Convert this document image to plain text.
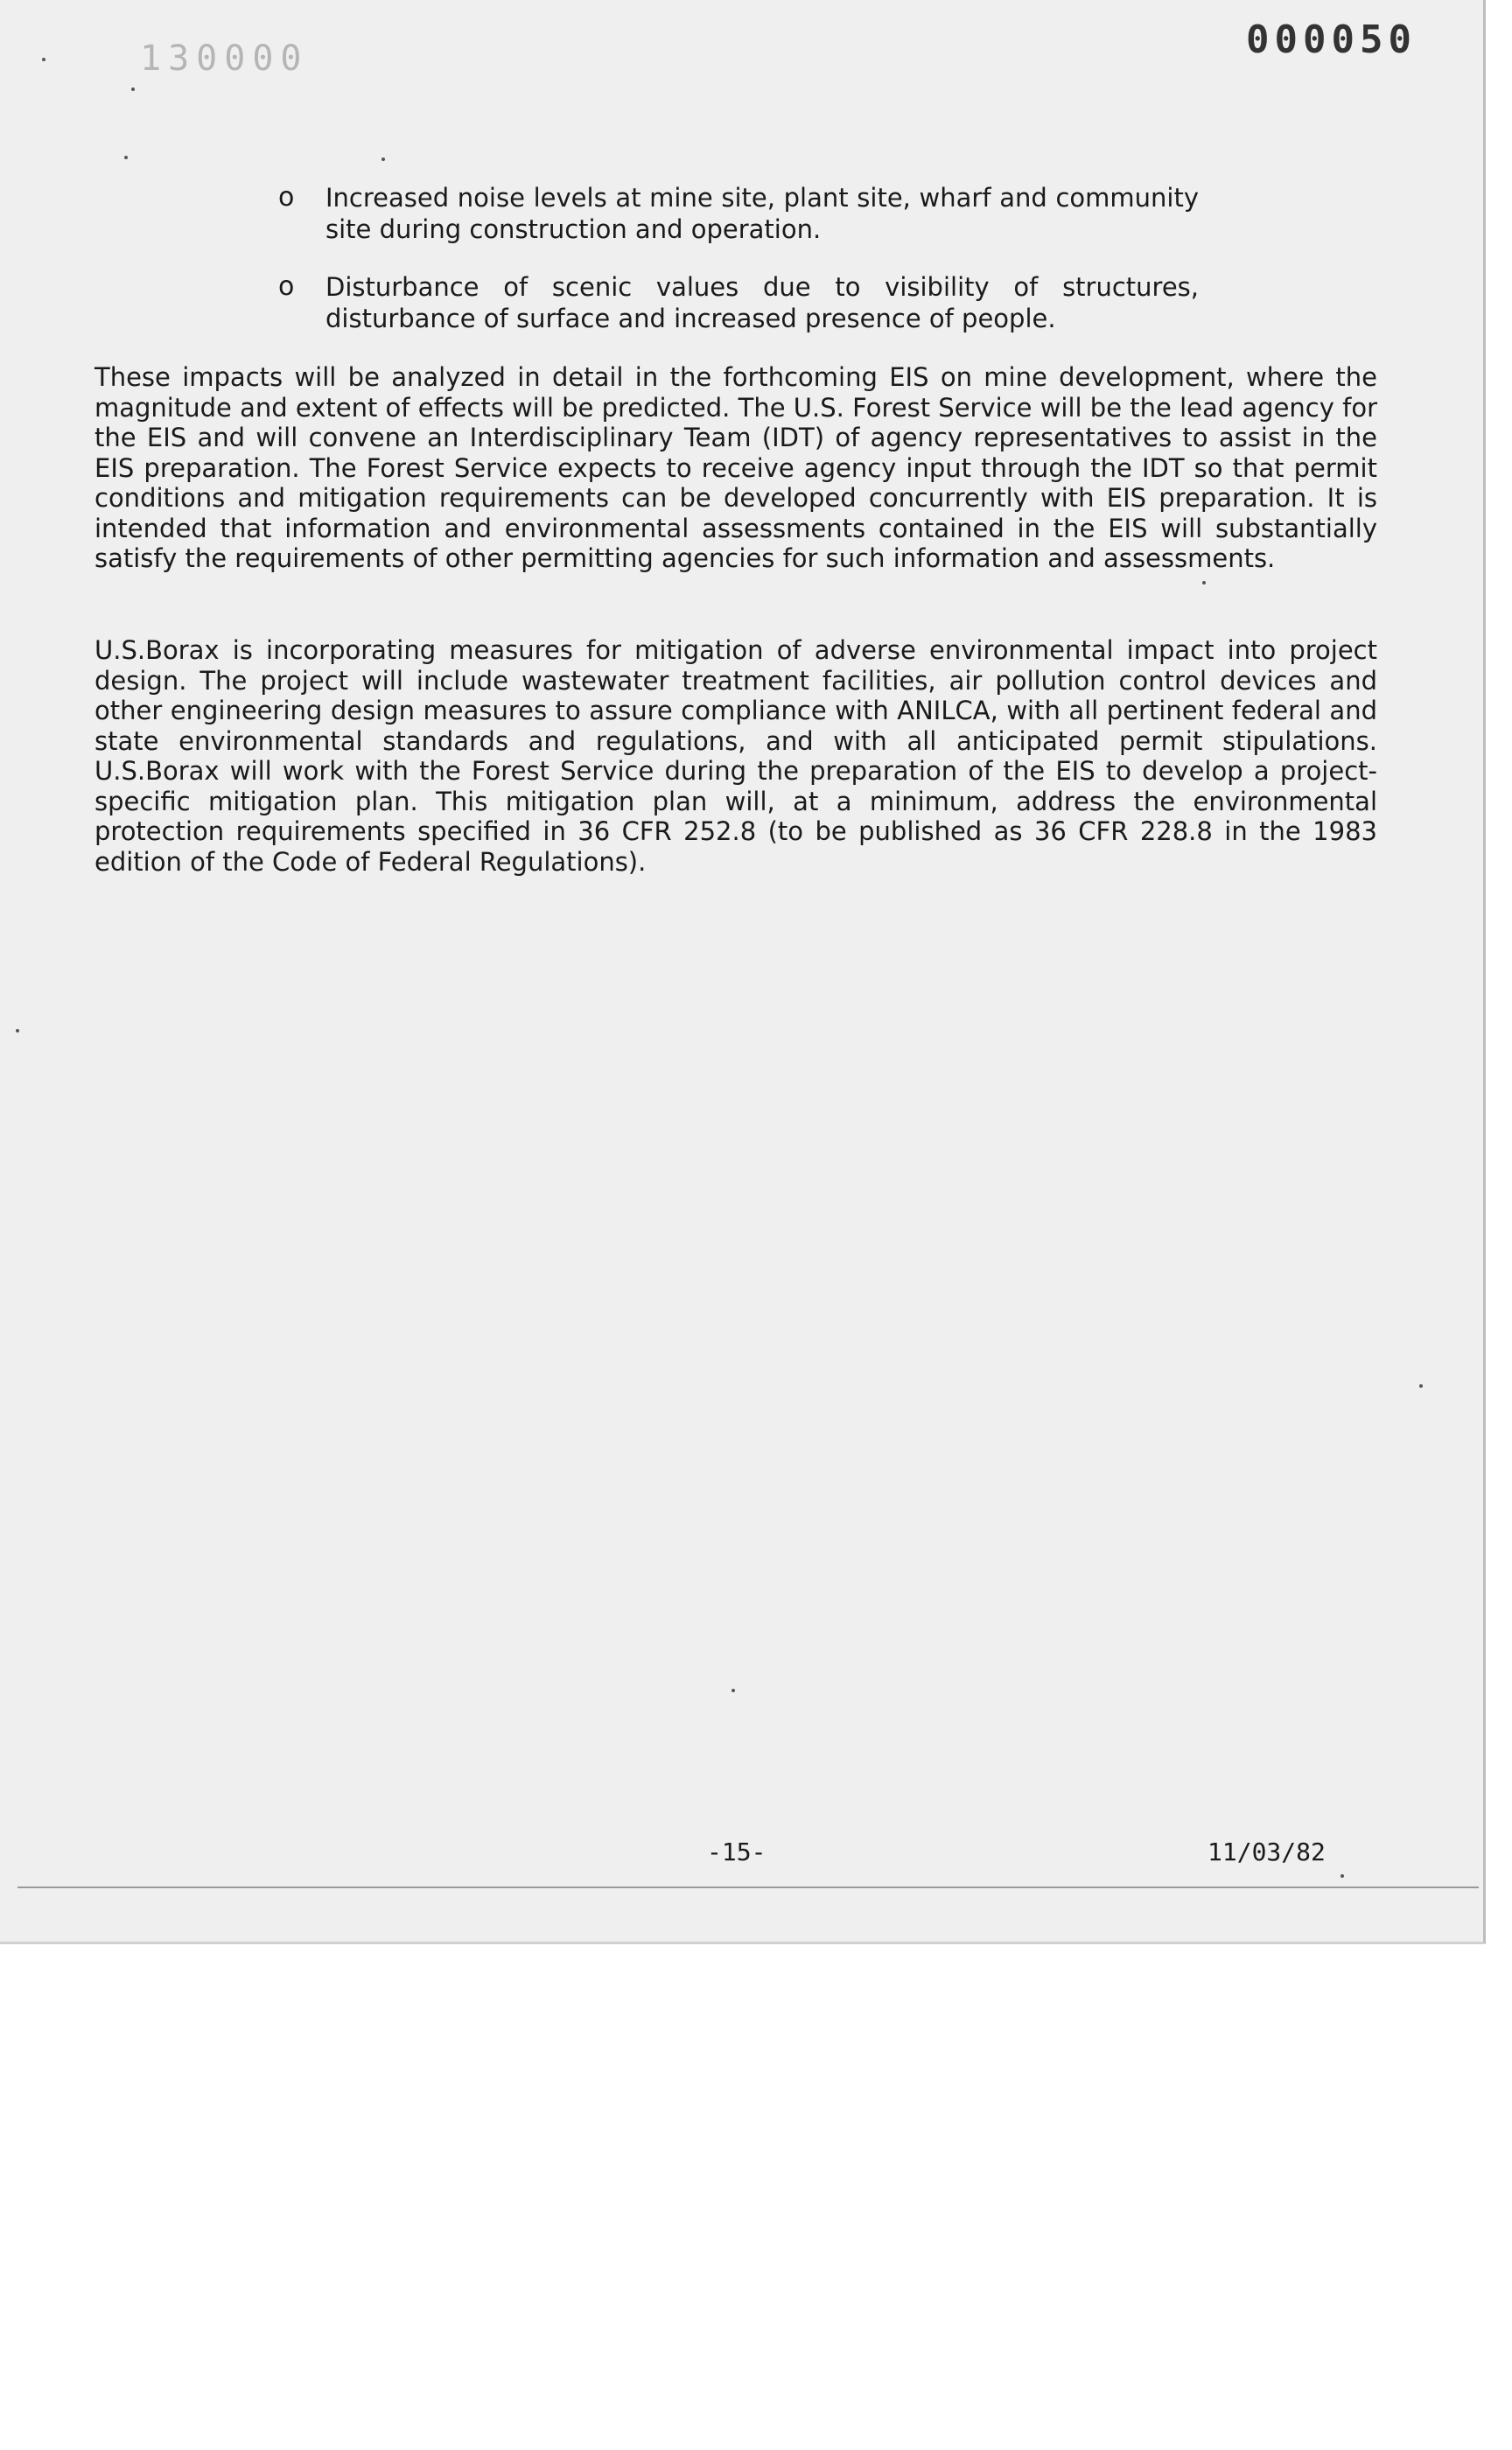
130000	000050
o	Increased noise levels at mine site, plant site, wharf and community site during construction and operation.
o	Disturbance of scenic values due to visibility of structures, disturbance of surface and increased presence of people.

These impacts will be analyzed in detail in the forthcoming EIS on mine development, where the magnitude and extent of effects will be predicted. The U.S. Forest Service will be the lead agency for the EIS and will convene an Interdisciplinary Team (IDT) of agency representatives to assist in the EIS preparation. The Forest Service expects to receive agency input through the IDT so that permit conditions and mitigation requirements can be developed concurrently with EIS preparation. It is intended that information and environmental assessments contained in the EIS will substantially satisfy the requirements of other permitting agencies for such information and assessments.

U.S.Borax is incorporating measures for mitigation of adverse environmental impact into project design. The project will include wastewater treatment facilities, air pollution control devices and other engineering design measures to assure compliance with ANILCA, with all pertinent federal and state environmental standards and regulations, and with all anticipated permit stipulations. U.S.Borax will work with the Forest Service during the preparation of the EIS to develop a project-specific mitigation plan. This mitigation plan will, at a minimum, address the environmental protection requirements specified in 36 CFR 252.8 (to be published as 36 CFR 228.8 in the 1983 edition of the Code of Federal Regulations).

-15-	11/03/82
